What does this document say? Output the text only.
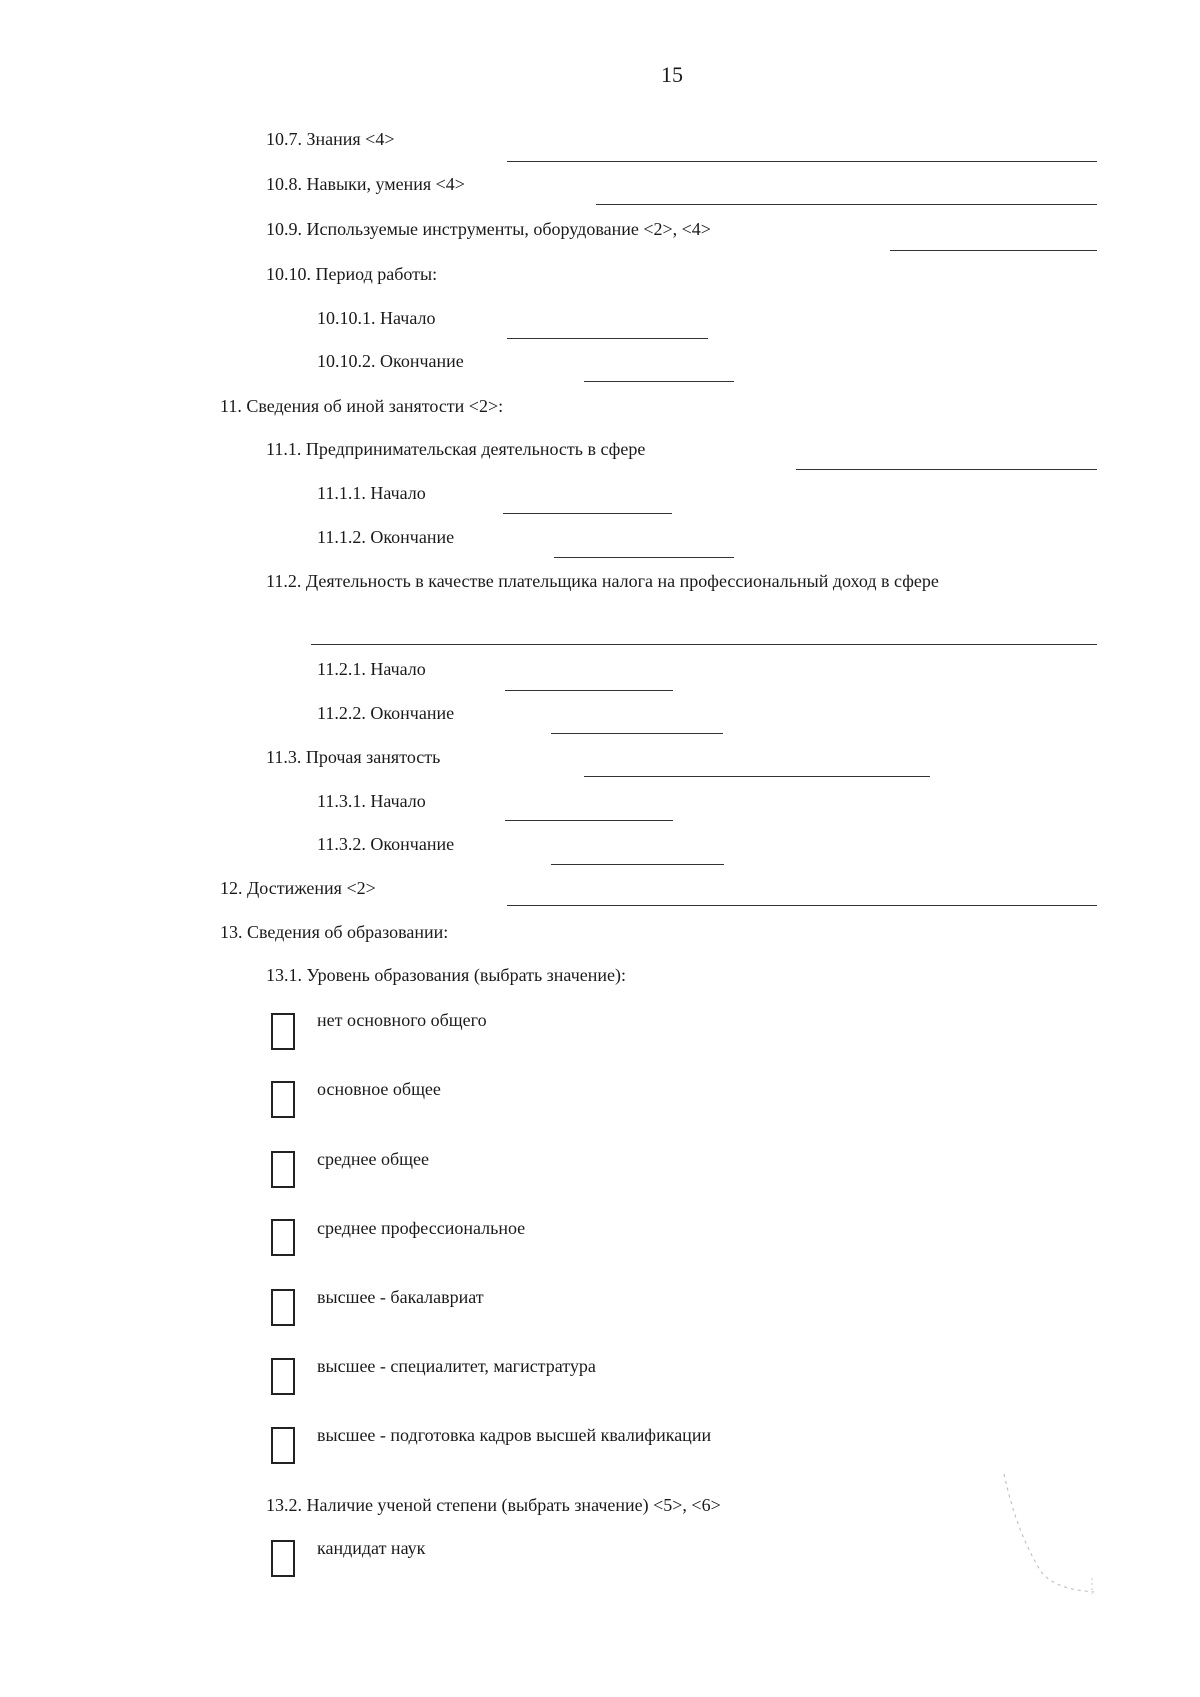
15
10.7. Знания <4>
10.8. Навыки, умения <4>
10.9. Используемые инструменты, оборудование <2>, <4>
10.10. Период работы:
10.10.1. Начало
10.10.2. Окончание
11. Сведения об иной занятости <2>:
11.1. Предпринимательская деятельность в сфере
11.1.1. Начало
11.1.2. Окончание
11.2. Деятельность в качестве плательщика налога на профессиональный доход в сфере
11.2.1. Начало
11.2.2. Окончание
11.3. Прочая занятость
11.3.1. Начало
11.3.2. Окончание
12. Достижения <2>
13. Сведения об образовании:
13.1. Уровень образования (выбрать значение):
нет основного общего
основное общее
среднее общее
среднее профессиональное
высшее - бакалавриат
высшее - специалитет, магистратура
высшее - подготовка кадров высшей квалификации
13.2. Наличие ученой степени (выбрать значение) <5>, <6>
кандидат наук
